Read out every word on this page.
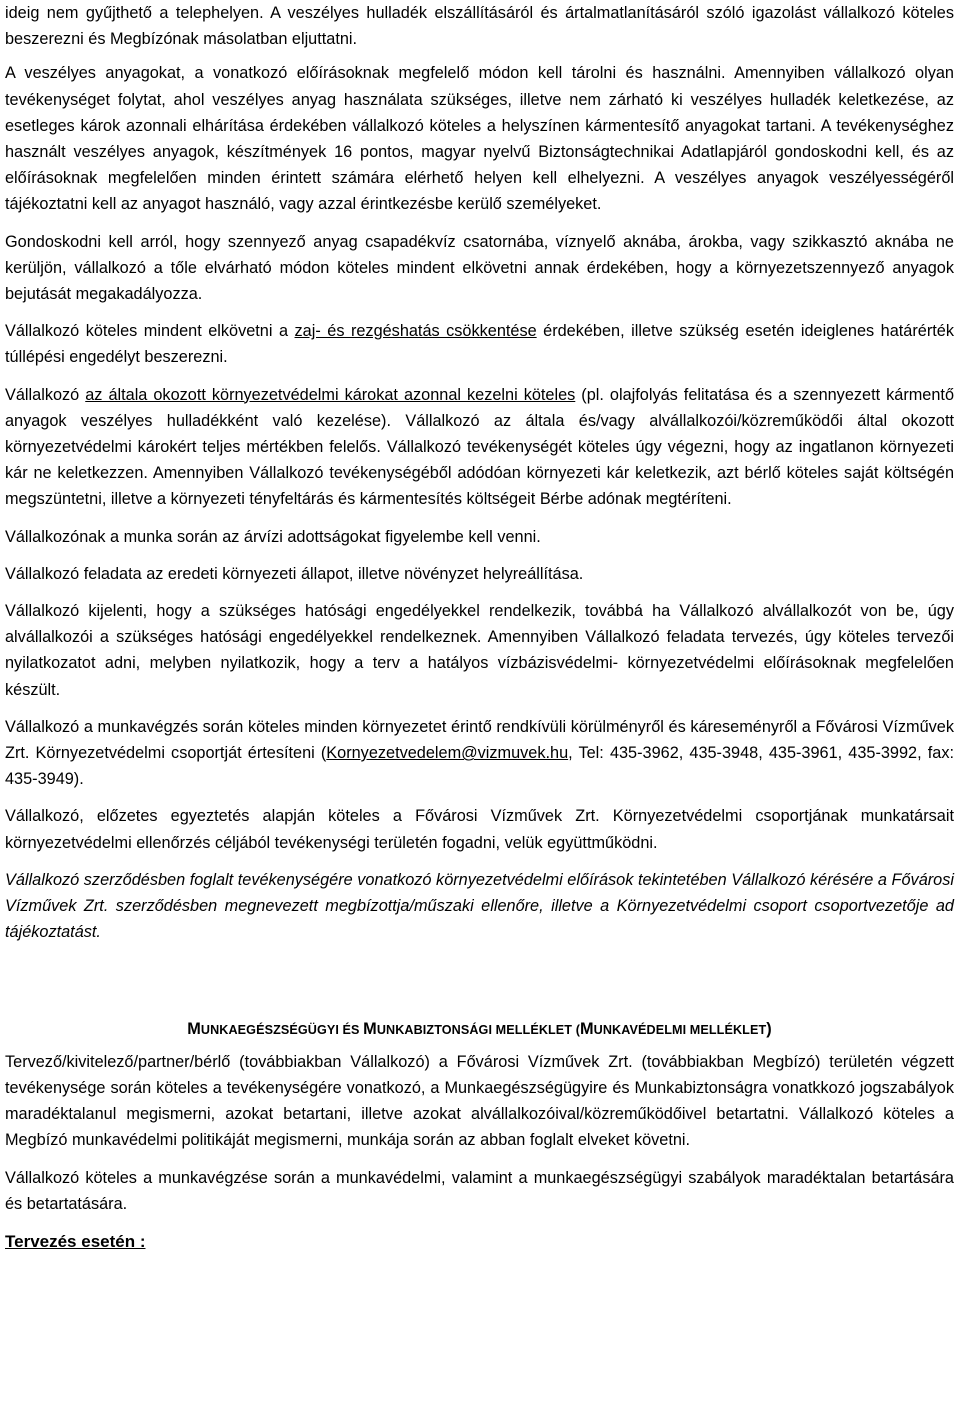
ideig nem gyűjthető a telephelyen. A veszélyes hulladék elszállításáról és ártalmatlanításáról szóló igazolást vállalkozó köteles beszerezni és Megbízónak másolatban eljuttatni.

A veszélyes anyagokat, a vonatkozó előírásoknak megfelelő módon kell tárolni és használni. Amennyiben vállalkozó olyan tevékenységet folytat, ahol veszélyes anyag használata szükséges, illetve nem zárható ki veszélyes hulladék keletkezése, az esetleges károk azonnali elhárítása érdekében vállalkozó köteles a helyszínen kármentesítő anyagokat tartani. A tevékenységhez használt veszélyes anyagok, készítmények 16 pontos, magyar nyelvű Biztonságtechnikai Adatlapjáról gondoskodni kell, és az előírásoknak megfelelően minden érintett számára elérhető helyen kell elhelyezni. A veszélyes anyagok veszélyességéről tájékoztatni kell az anyagot használó, vagy azzal érintkezésbe kerülő személyeket.

Gondoskodni kell arról, hogy szennyező anyag csapadékvíz csatornába, víznyelő aknába, árokba, vagy szikkasztó aknába ne kerüljön, vállalkozó a tőle elvárható módon köteles mindent elkövetni annak érdekében, hogy a környezetszennyező anyagok bejutását megakadályozza.

Vállalkozó köteles mindent elkövetni a zaj- és rezgéshatás csökkentése érdekében, illetve szükség esetén ideiglenes határérték túllépési engedélyt beszerezni.

Vállalkozó az általa okozott környezetvédelmi károkat azonnal kezelni köteles (pl. olajfolyás felitatása és a szennyezett kármentő anyagok veszélyes hulladékként való kezelése). Vállalkozó az általa és/vagy alvállalkozói/közreműködői által okozott környezetvédelmi károkért teljes mértékben felelős. Vállalkozó tevékenységét köteles úgy végezni, hogy az ingatlanon környezeti kár ne keletkezzen. Amennyiben Vállalkozó tevékenységéből adódóan környezeti kár keletkezik, azt bérlő köteles saját költségén megszüntetni, illetve a környezeti tényfeltárás és kármentesítés költségeit Bérbe adónak megtéríteni.

Vállalkozónak a munka során az árvízi adottságokat figyelembe kell venni.

Vállalkozó feladata az eredeti környezeti állapot, illetve növényzet helyreállítása.

Vállalkozó kijelenti, hogy a szükséges hatósági engedélyekkel rendelkezik, továbbá ha Vállalkozó alvállalkozót von be, úgy alvállalkozói a szükséges hatósági engedélyekkel rendelkeznek. Amennyiben Vállalkozó feladata tervezés, úgy köteles tervezői nyilatkozatot adni, melyben nyilatkozik, hogy a terv a hatályos vízbázisvédelmi- környezetvédelmi előírásoknak megfelelően készült.

Vállalkozó a munkavégzés során köteles minden környezetet érintő rendkívüli körülményről és káreseményről a Fővárosi Vízművek Zrt. Környezetvédelmi csoportját értesíteni (Kornyezetvedelem@vizmuvek.hu, Tel: 435-3962, 435-3948, 435-3961, 435-3992, fax: 435-3949).

Vállalkozó, előzetes egyeztetés alapján köteles a Fővárosi Vízművek Zrt. Környezetvédelmi csoportjának munkatársait környezetvédelmi ellenőrzés céljából tevékenységi területén fogadni, velük együttműködni.

Vállalkozó szerződésben foglalt tevékenységére vonatkozó környezetvédelmi előírások tekintetében Vállalkozó kérésére a Fővárosi Vízművek Zrt. szerződésben megnevezett megbízottja/műszaki ellenőre, illetve a Környezetvédelmi csoport csoportvezetője ad tájékoztatást.

MUNKAEGÉSZSÉGÜGYI ÉS MUNKABIZTONSÁGI MELLÉKLET (MUNKAVÉDELMI MELLÉKLET)

Tervező/kivitelező/partner/bérlő (továbbiakban Vállalkozó) a Fővárosi Vízművek Zrt. (továbbiakban Megbízó) területén végzett tevékenysége során köteles a tevékenységére vonatkozó, a Munkaegészségügyire és Munkabiztonságra vonatkkozó jogszabályok maradéktalanul megismerni, azokat betartani, illetve azokat alvállalkozóival/közreműködőivel betartatni. Vállalkozó köteles a Megbízó munkavédelmi politikáját megismerni, munkája során az abban foglalt elveket követni.

Vállalkozó köteles a munkavégzése során a munkavédelmi, valamint a munkaegészségügyi szabályok maradéktalan betartására és betartatására.

Tervezés esetén :
